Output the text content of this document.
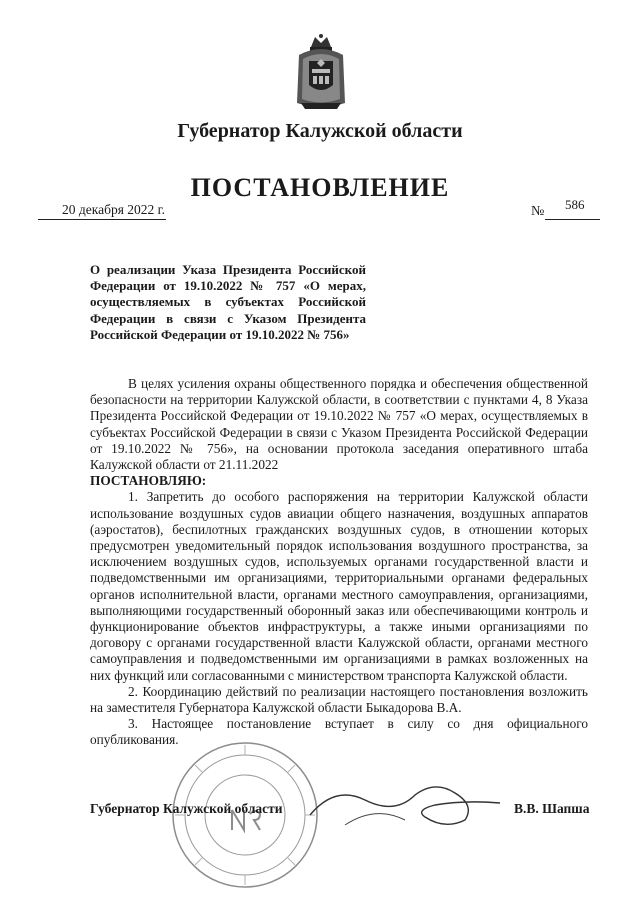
Губернатор Калужской области
ПОСТАНОВЛЕНИЕ
20 декабря 2022 г.	№ 586
О реализации Указа Президента Российской Федерации от 19.10.2022 № 757 «О мерах, осуществляемых в субъектах Российской Федерации в связи с Указом Президента Российской Федерации от 19.10.2022 № 756»

В целях усиления охраны общественного порядка и обеспечения общественной безопасности на территории Калужской области, в соответствии с пунктами 4, 8 Указа Президента Российской Федерации от 19.10.2022 № 757 «О мерах, осуществляемых в субъектах Российской Федерации в связи с Указом Президента Российской Федерации от 19.10.2022 № 756», на основании протокола заседания оперативного штаба Калужской области от 21.11.2022

ПОСТАНОВЛЯЮ:

1. Запретить до особого распоряжения на территории Калужской области использование воздушных судов авиации общего назначения, воздушных аппаратов (аэростатов), беспилотных гражданских воздушных судов, в отношении которых предусмотрен уведомительный порядок использования воздушного пространства, за исключением воздушных судов, используемых органами государственной власти и подведомственными им организациями, территориальными органами федеральных органов исполнительной власти, органами местного самоуправления, организациями, выполняющими государственный оборонный заказ или обеспечивающими контроль и функционирование объектов инфраструктуры, а также иными организациями по договору с органами государственной власти Калужской области, органами местного самоуправления и подведомственными им организациями в рамках возложенных на них функций или согласованными с министерством транспорта Калужской области.

2. Координацию действий по реализации настоящего постановления возложить на заместителя Губернатора Калужской области Быкадорова В.А.

3. Настоящее постановление вступает в силу со дня официального опубликования.

Губернатор Калужской области	В.В. Шапша
